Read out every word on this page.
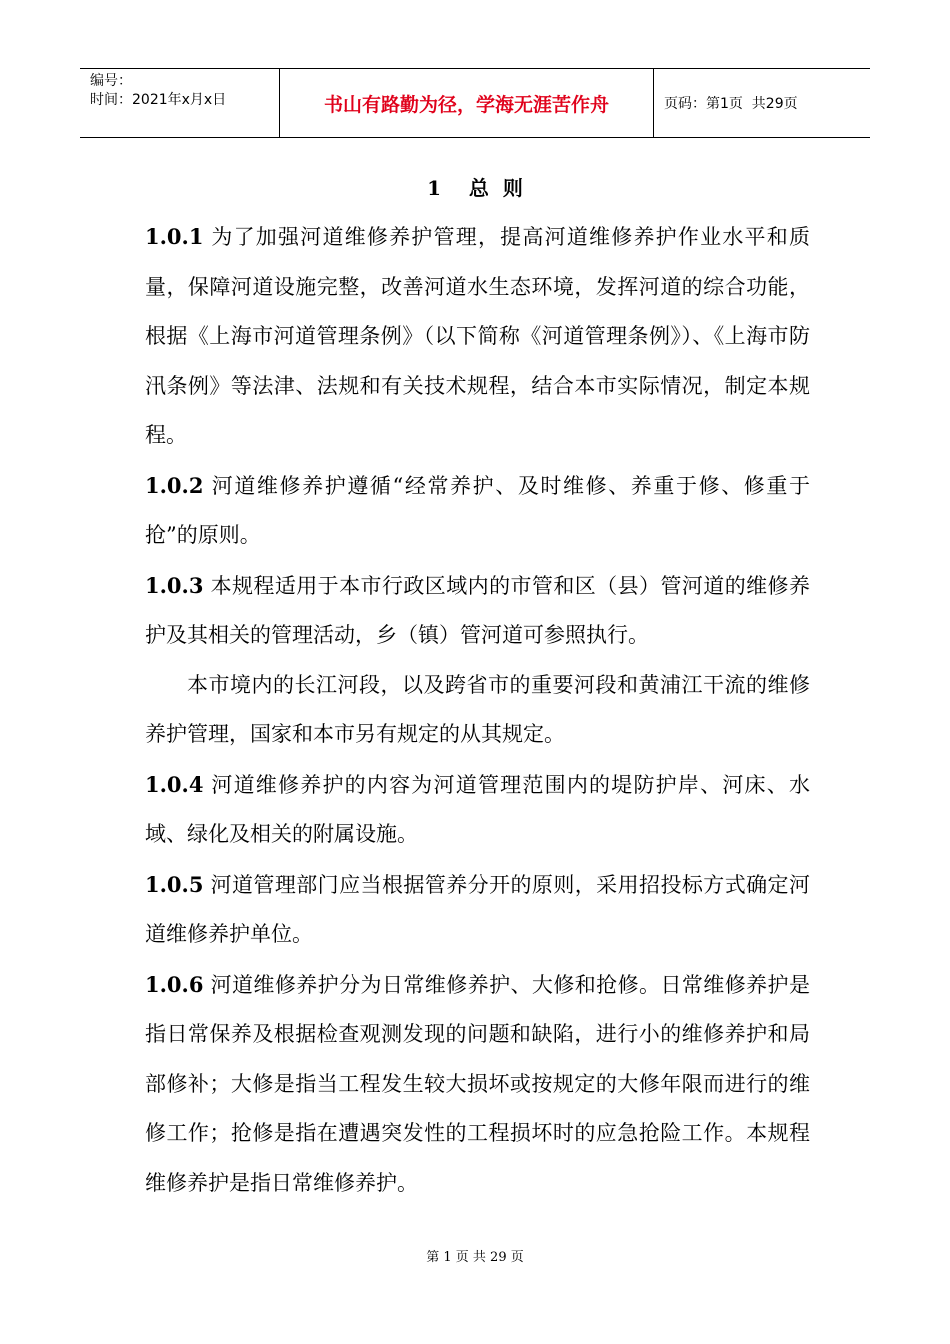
编号：
时间：2021年x月x日	书山有路勤为径，学海无涯苦作舟	页码：第1页  共29页
1 总  则

1.0.1 为了加强河道维修养护管理，提高河道维修养护作业水平和质量，保障河道设施完整，改善河道水生态环境，发挥河道的综合功能，根据《上海市河道管理条例》（以下简称《河道管理条例》）、《上海市防汛条例》等法津、法规和有关技术规程，结合本市实际情况，制定本规程。

1.0.2 河道维修养护遵循“经常养护、及时维修、养重于修、修重于抢”的原则。

1.0.3 本规程适用于本市行政区域内的市管和区（县）管河道的维修养护及其相关的管理活动，乡（镇）管河道可参照执行。

本市境内的长江河段，以及跨省市的重要河段和黄浦江干流的维修养护管理，国家和本市另有规定的从其规定。

1.0.4 河道维修养护的内容为河道管理范围内的堤防护岸、河床、水域、绿化及相关的附属设施。

1.0.5 河道管理部门应当根据管养分开的原则，采用招投标方式确定河道维修养护单位。

1.0.6 河道维修养护分为日常维修养护、大修和抢修。日常维修养护是指日常保养及根据检查观测发现的问题和缺陷，进行小的维修养护和局部修补；大修是指当工程发生较大损坏或按规定的大修年限而进行的维修工作；抢修是指在遭遇突发性的工程损坏时的应急抢险工作。本规程维修养护是指日常维修养护。

第 1 页 共 29 页
